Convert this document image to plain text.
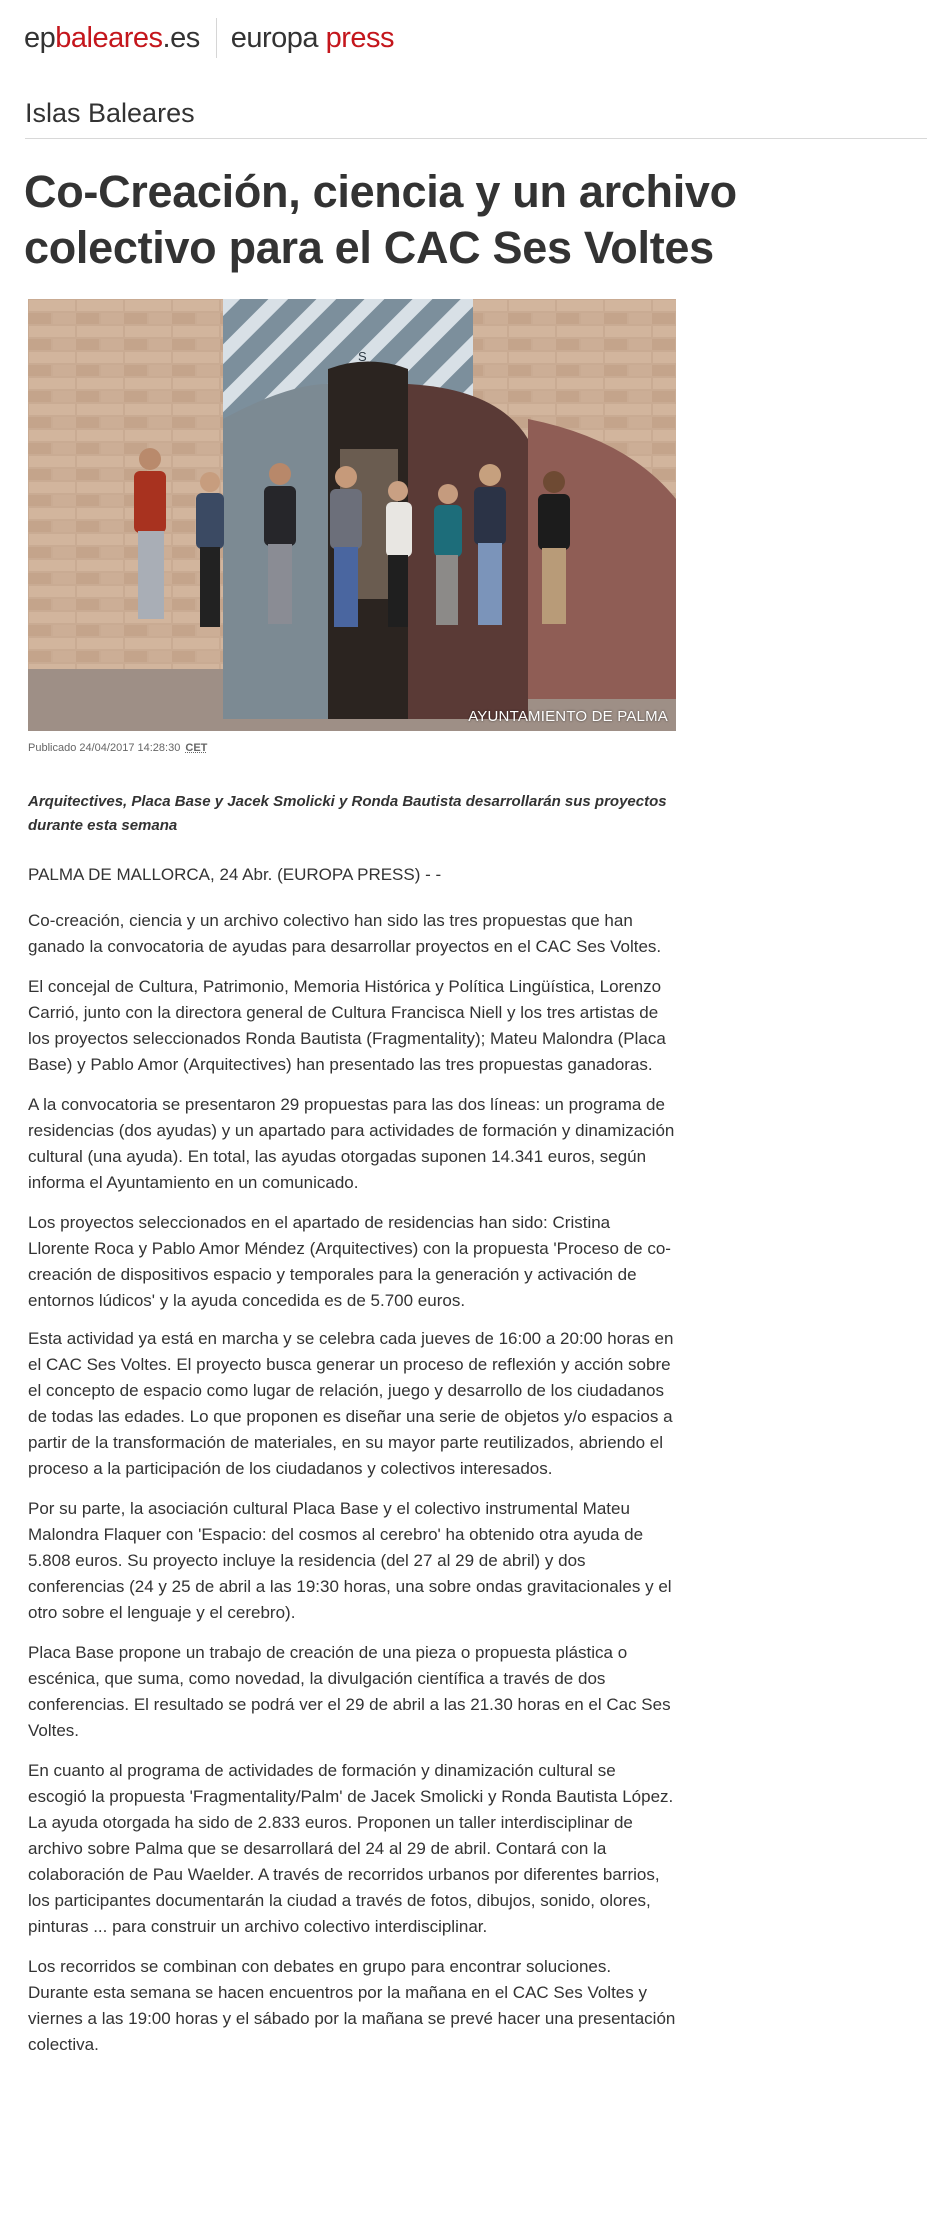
epbaleares.es europa press
Islas Baleares
Co-Creación, ciencia y un archivo colectivo para el CAC Ses Voltes
S
AYUNTAMIENTO DE PALMA
Publicado 24/04/2017 14:28:30 CET

Arquitectives, Placa Base y Jacek Smolicki y Ronda Bautista desarrollarán sus proyectos durante esta semana

PALMA DE MALLORCA, 24 Abr. (EUROPA PRESS) - -

Co-creación, ciencia y un archivo colectivo han sido las tres propuestas que han ganado la convocatoria de ayudas para desarrollar proyectos en el CAC Ses Voltes.

El concejal de Cultura, Patrimonio, Memoria Histórica y Política Lingüística, Lorenzo Carrió, junto con la directora general de Cultura Francisca Niell y los tres artistas de los proyectos seleccionados Ronda Bautista (Fragmentality); Mateu Malondra (Placa Base) y Pablo Amor (Arquitectives) han presentado las tres propuestas ganadoras.

A la convocatoria se presentaron 29 propuestas para las dos líneas: un programa de residencias (dos ayudas) y un apartado para actividades de formación y dinamización cultural (una ayuda). En total, las ayudas otorgadas suponen 14.341 euros, según informa el Ayuntamiento en un comunicado.

Los proyectos seleccionados en el apartado de residencias han sido: Cristina Llorente Roca y Pablo Amor Méndez (Arquitectives) con la propuesta 'Proceso de co-creación de dispositivos espacio y temporales para la generación y activación de entornos lúdicos' y la ayuda concedida es de 5.700 euros.

Esta actividad ya está en marcha y se celebra cada jueves de 16:00 a 20:00 horas en el CAC Ses Voltes. El proyecto busca generar un proceso de reflexión y acción sobre el concepto de espacio como lugar de relación, juego y desarrollo de los ciudadanos de todas las edades. Lo que proponen es diseñar una serie de objetos y/o espacios a partir de la transformación de materiales, en su mayor parte reutilizados, abriendo el proceso a la participación de los ciudadanos y colectivos interesados.

Por su parte, la asociación cultural Placa Base y el colectivo instrumental Mateu Malondra Flaquer con 'Espacio: del cosmos al cerebro' ha obtenido otra ayuda de 5.808 euros. Su proyecto incluye la residencia (del 27 al 29 de abril) y dos conferencias (24 y 25 de abril a las 19:30 horas, una sobre ondas gravitacionales y el otro sobre el lenguaje y el cerebro).

Placa Base propone un trabajo de creación de una pieza o propuesta plástica o escénica, que suma, como novedad, la divulgación científica a través de dos conferencias. El resultado se podrá ver el 29 de abril a las 21.30 horas en el Cac Ses Voltes.

En cuanto al programa de actividades de formación y dinamización cultural se escogió la propuesta 'Fragmentality/Palm' de Jacek Smolicki y Ronda Bautista López. La ayuda otorgada ha sido de 2.833 euros. Proponen un taller interdisciplinar de archivo sobre Palma que se desarrollará del 24 al 29 de abril. Contará con la colaboración de Pau Waelder. A través de recorridos urbanos por diferentes barrios, los participantes documentarán la ciudad a través de fotos, dibujos, sonido, olores, pinturas ... para construir un archivo colectivo interdisciplinar.

Los recorridos se combinan con debates en grupo para encontrar soluciones. Durante esta semana se hacen encuentros por la mañana en el CAC Ses Voltes y viernes a las 19:00 horas y el sábado por la mañana se prevé hacer una presentación colectiva.
